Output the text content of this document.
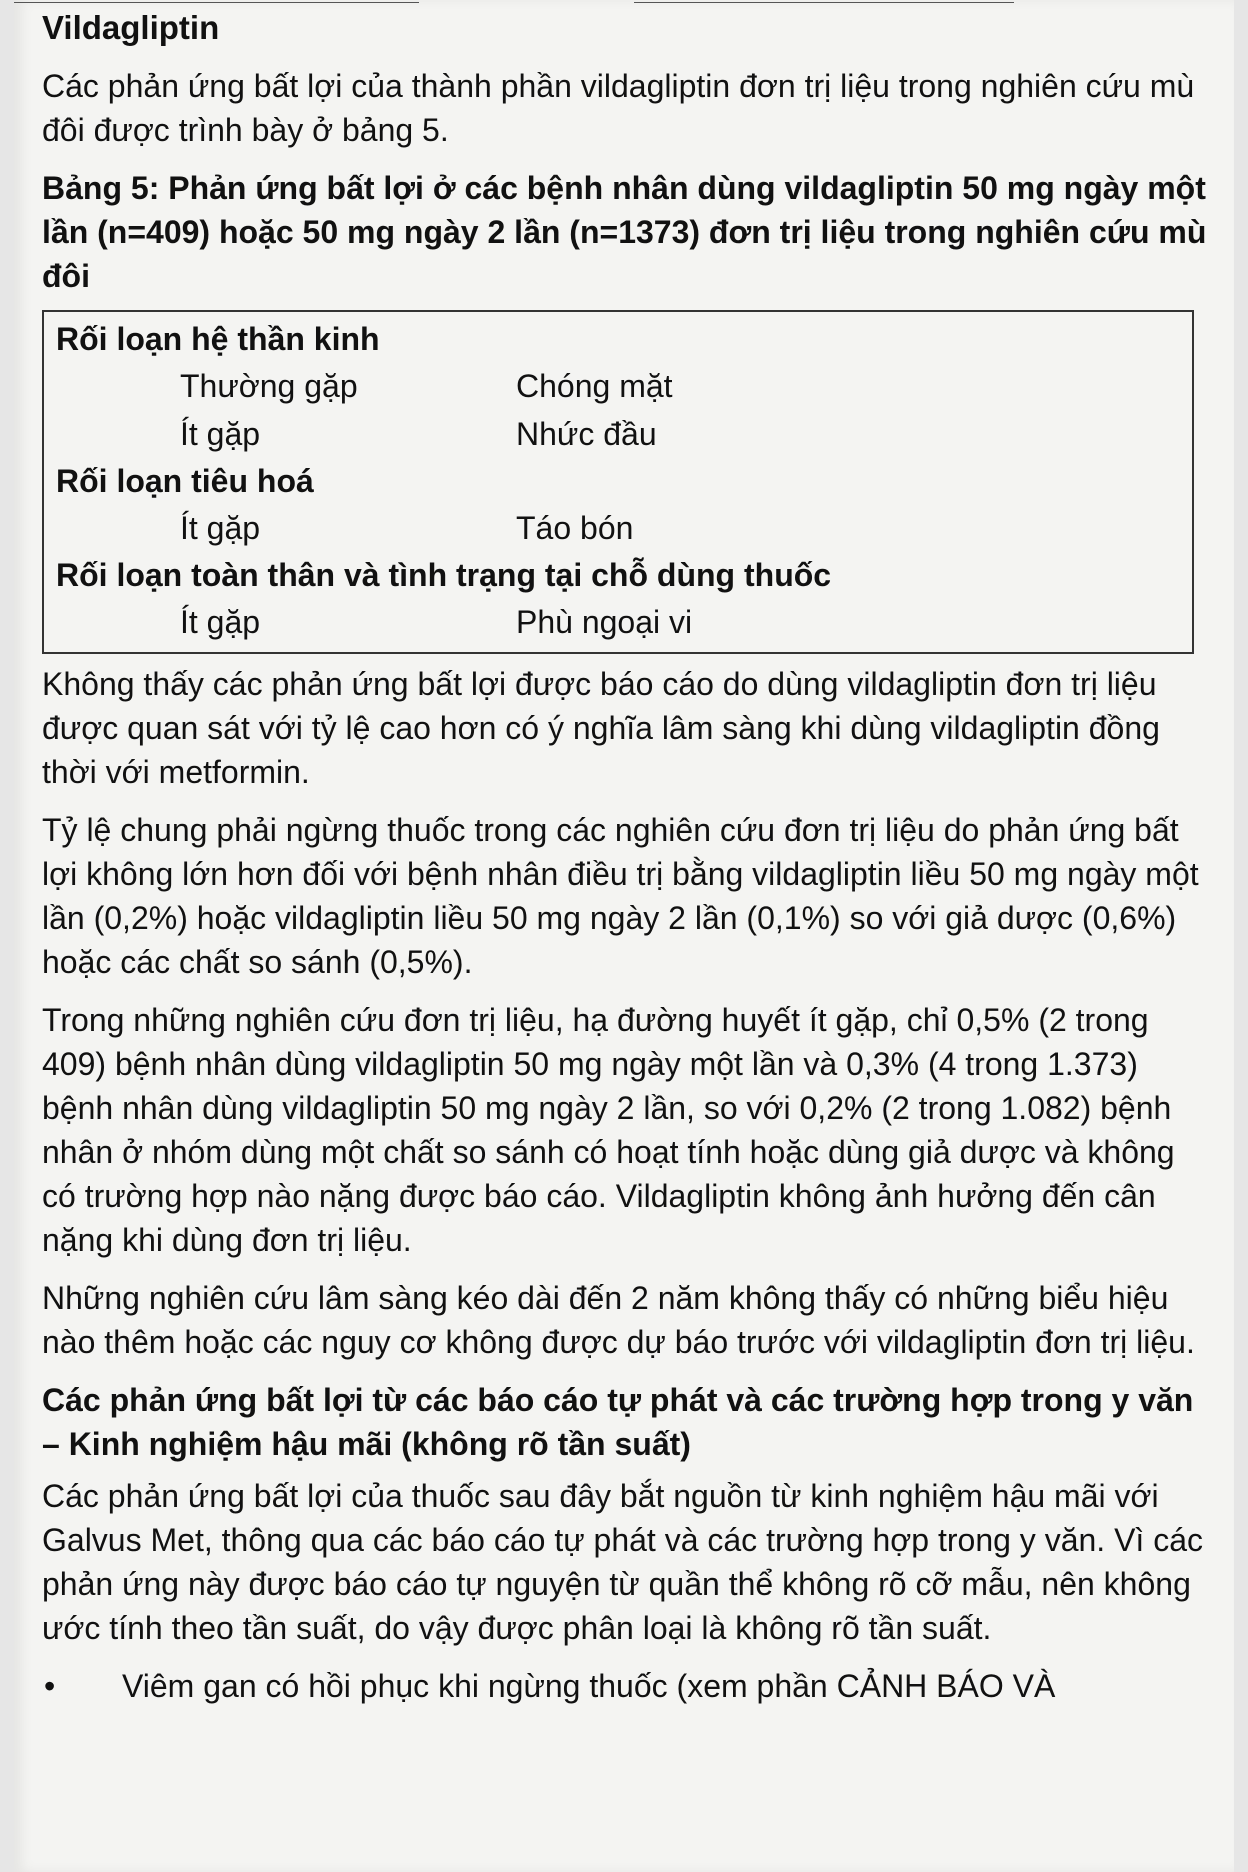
Vildagliptin

Các phản ứng bất lợi của thành phần vildagliptin đơn trị liệu trong nghiên cứu mù đôi được trình bày ở bảng 5.

Bảng 5: Phản ứng bất lợi ở các bệnh nhân dùng vildagliptin 50 mg ngày một lần (n=409) hoặc 50 mg ngày 2 lần (n=1373) đơn trị liệu trong nghiên cứu mù đôi
Rối loạn hệ thần kinh
Thường gặp	Chóng mặt
Ít gặp	Nhức đầu
Rối loạn tiêu hoá
Ít gặp	Táo bón
Rối loạn toàn thân và tình trạng tại chỗ dùng thuốc
Ít gặp	Phù ngoại vi

Không thấy các phản ứng bất lợi được báo cáo do dùng vildagliptin đơn trị liệu được quan sát với tỷ lệ cao hơn có ý nghĩa lâm sàng khi dùng vildagliptin đồng thời với metformin.

Tỷ lệ chung phải ngừng thuốc trong các nghiên cứu đơn trị liệu do phản ứng bất lợi không lớn hơn đối với bệnh nhân điều trị bằng vildagliptin liều 50 mg ngày một lần (0,2%) hoặc vildagliptin liều 50 mg ngày 2 lần (0,1%) so với giả dược (0,6%) hoặc các chất so sánh (0,5%).

Trong những nghiên cứu đơn trị liệu, hạ đường huyết ít gặp, chỉ 0,5% (2 trong 409) bệnh nhân dùng vildagliptin 50 mg ngày một lần và 0,3% (4 trong 1.373) bệnh nhân dùng vildagliptin 50 mg ngày 2 lần, so với 0,2% (2 trong 1.082) bệnh nhân ở nhóm dùng một chất so sánh có hoạt tính hoặc dùng giả dược và không có trường hợp nào nặng được báo cáo. Vildagliptin không ảnh hưởng đến cân nặng khi dùng đơn trị liệu.

Những nghiên cứu lâm sàng kéo dài đến 2 năm không thấy có những biểu hiệu nào thêm hoặc các nguy cơ không được dự báo trước với vildagliptin đơn trị liệu.

Các phản ứng bất lợi từ các báo cáo tự phát và các trường hợp trong y văn – Kinh nghiệm hậu mãi (không rõ tần suất)

Các phản ứng bất lợi của thuốc sau đây bắt nguồn từ kinh nghiệm hậu mãi với Galvus Met, thông qua các báo cáo tự phát và các trường hợp trong y văn. Vì các phản ứng này được báo cáo tự nguyện từ quần thể không rõ cỡ mẫu, nên không ước tính theo tần suất, do vậy được phân loại là không rõ tần suất.

•	Viêm gan có hồi phục khi ngừng thuốc (xem phần CẢNH BÁO VÀ
